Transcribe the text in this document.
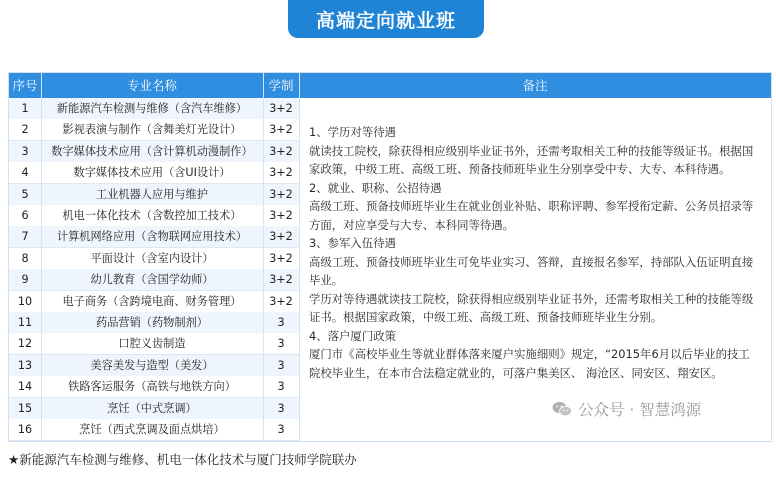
高端定向就业班
序号	专业名称	学制	备注
1	新能源汽车检测与维修（含汽车维修）	3+2
2	影视表演与制作（含舞美灯光设计）	3+2
3	数字媒体技术应用（含计算机动漫制作）	3+2
4	数字媒体技术应用（含UI设计）	3+2
5	工业机器人应用与维护	3+2
6	机电一体化技术（含数控加工技术）	3+2
7	计算机网络应用（含物联网应用技术）	3+2
8	平面设计（含室内设计）	3+2
9	幼儿教育（含国学幼师）	3+2
10	电子商务（含跨境电商、财务管理）	3+2
11	药品营销（药物制剂）	3
12	口腔义齿制造	3
13	美容美发与造型（美发）	3
14	铁路客运服务（高铁与地铁方向）	3
15	烹饪（中式烹调）	3
16	烹饪（西式烹调及面点烘培）	3

1、学历对等待遇

就读技工院校，除获得相应级别毕业证书外，还需考取相关工种的技能等级证书。根据国家政策，中级工班、高级工班、预备技师班毕业生分别享受中专、大专、本科待遇。

2、就业、职称、公招待遇

高级工班、预备技师班毕业生在就业创业补贴、职称评聘、参军授衔定薪、公务员招录等方面，对应享受与大专、本科同等待遇。

3、参军入伍待遇

高级工班、预备技师班毕业生可免毕业实习、答辩，直接报名参军，持部队入伍证明直接毕业。

学历对等待遇就读技工院校，除获得相应级别毕业证书外，还需考取相关工种的技能等级证书。根据国家政策，中级工班、高级工班、预备技师班毕业生分别。

4、落户厦门政策

厦门市《高校毕业生等就业群体落来厦户实施细则》规定，“2015年6月以后毕业的技工院校毕业生，在本市合法稳定就业的，可落户集美区、 海沧区、同安区、翔安区。

公众号 · 智慧鸿源
★新能源汽车检测与维修、机电一体化技术与厦门技师学院联办
